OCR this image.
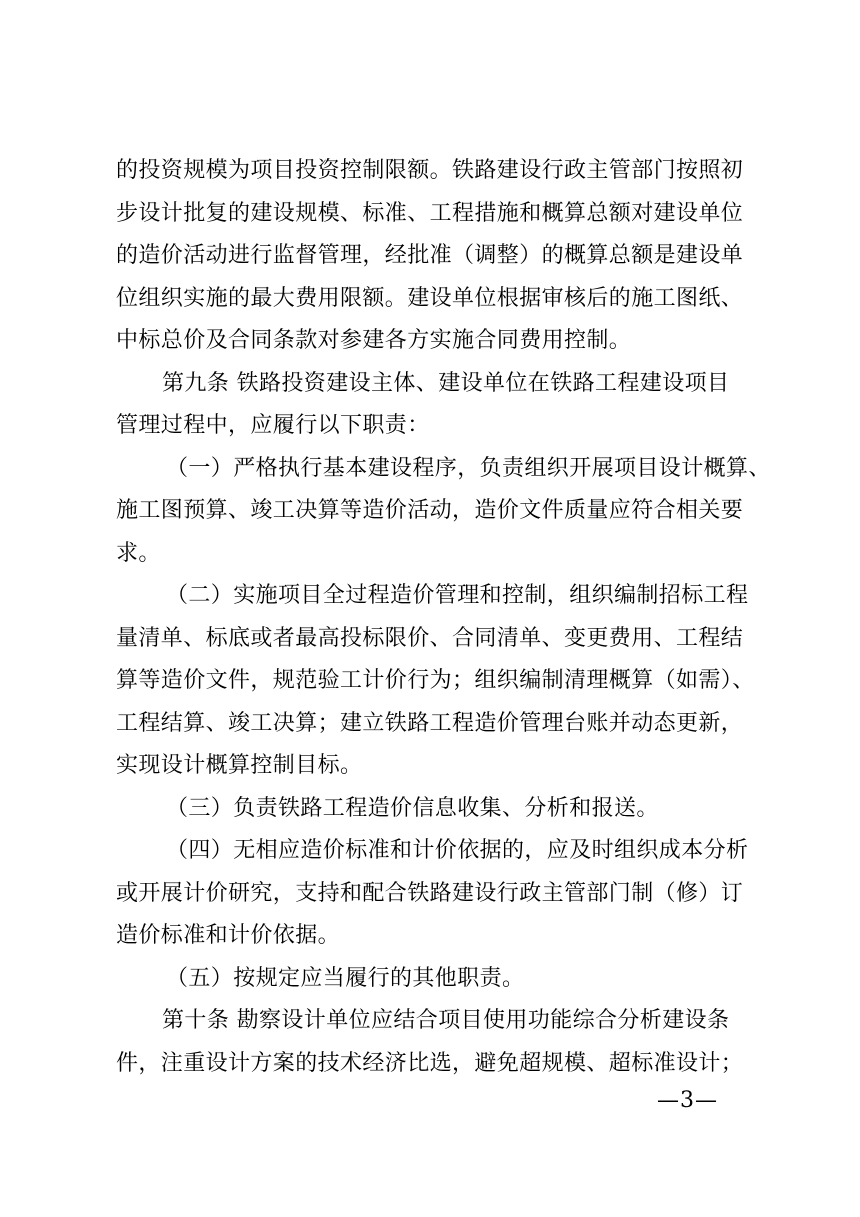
的投资规模为项目投资控制限额。铁路建设行政主管部门按照初
步设计批复的建设规模、标准、工程措施和概算总额对建设单位
的造价活动进行监督管理，经批准（调整）的概算总额是建设单
位组织实施的最大费用限额。建设单位根据审核后的施工图纸、
中标总价及合同条款对参建各方实施合同费用控制。
第九条 铁路投资建设主体、建设单位在铁路工程建设项目
管理过程中，应履行以下职责：
（一）严格执行基本建设程序，负责组织开展项目设计概算、
施工图预算、竣工决算等造价活动，造价文件质量应符合相关要
求。
（二）实施项目全过程造价管理和控制，组织编制招标工程
量清单、标底或者最高投标限价、合同清单、变更费用、工程结
算等造价文件，规范验工计价行为；组织编制清理概算（如需）、
工程结算、竣工决算；建立铁路工程造价管理台账并动态更新，
实现设计概算控制目标。
（三）负责铁路工程造价信息收集、分析和报送。
（四）无相应造价标准和计价依据的，应及时组织成本分析
或开展计价研究，支持和配合铁路建设行政主管部门制（修）订
造价标准和计价依据。
（五）按规定应当履行的其他职责。
第十条 勘察设计单位应结合项目使用功能综合分析建设条
件，注重设计方案的技术经济比选，避免超规模、超标准设计；
—3—
